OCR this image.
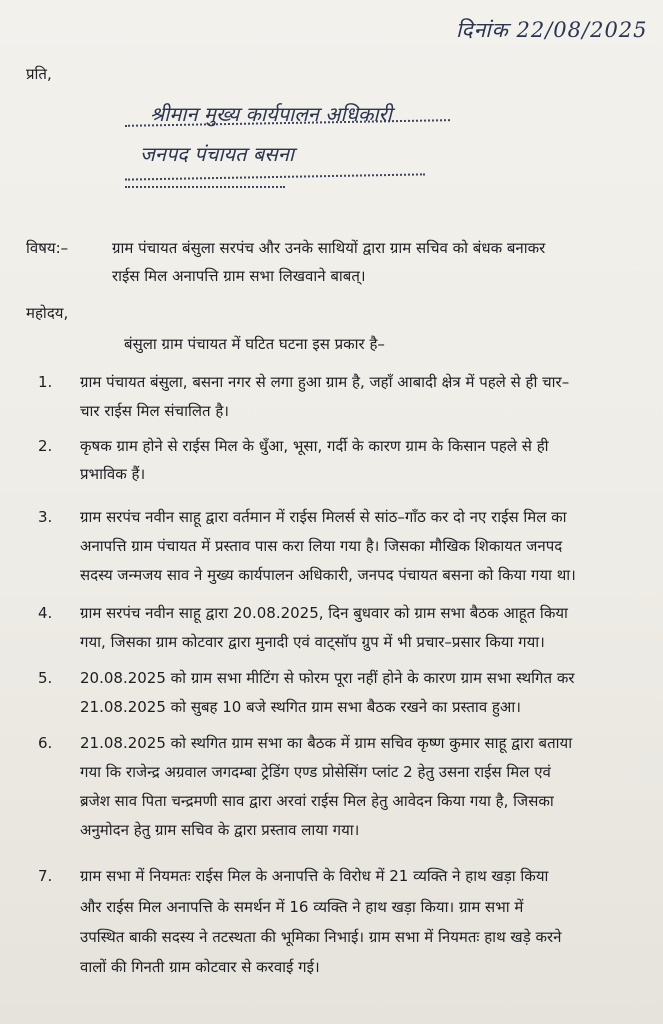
दिनांक 22/08/2025
प्रति,
श्रीमान मुख्य कार्यपालन अधिकारी
जनपद पंचायत बसना
विषय:–	ग्राम पंचायत बंसुला सरपंच और उनके साथियों द्वारा ग्राम सचिव को बंधक बनाकर
राईस मिल अनापत्ति ग्राम सभा लिखवाने बाबत्।
महोदय,
बंसुला ग्राम पंचायत में घटित घटना इस प्रकार है–
1. ग्राम पंचायत बंसुला, बसना नगर से लगा हुआ ग्राम है, जहाँ आबादी क्षेत्र में पहले से ही चार–
चार राईस मिल संचालित है।
2. कृषक ग्राम होने से राईस मिल के धुँआ, भूसा, गर्दी के कारण ग्राम के किसान पहले से ही
प्रभाविक हैं।
3. ग्राम सरपंच नवीन साहू द्वारा वर्तमान में राईस मिलर्स से सांठ–गाँठ कर दो नए राईस मिल का
अनापत्ति ग्राम पंचायत में प्रस्ताव पास करा लिया गया है। जिसका मौखिक शिकायत जनपद
सदस्य जन्मजय साव ने मुख्य कार्यपालन अधिकारी, जनपद पंचायत बसना को किया गया था।
4. ग्राम सरपंच नवीन साहू द्वारा 20.08.2025, दिन बुधवार को ग्राम सभा बैठक आहूत किया
गया, जिसका ग्राम कोटवार द्वारा मुनादी एवं वाट्सॉप ग्रुप में भी प्रचार–प्रसार किया गया।
5. 20.08.2025 को ग्राम सभा मीटिंग से फोरम पूरा नहीं होने के कारण ग्राम सभा स्थगित कर
21.08.2025 को सुबह 10 बजे स्थगित ग्राम सभा बैठक रखने का प्रस्ताव हुआ।
6. 21.08.2025 को स्थगित ग्राम सभा का बैठक में ग्राम सचिव कृष्ण कुमार साहू द्वारा बताया
गया कि राजेन्द्र अग्रवाल जगदम्बा ट्रेडिंग एण्ड प्रोसेसिंग प्लांट 2 हेतु उसना राईस मिल एवं
ब्रजेश साव पिता चन्द्रमणी साव द्वारा अरवां राईस मिल हेतु आवेदन किया गया है, जिसका
अनुमोदन हेतु ग्राम सचिव के द्वारा प्रस्ताव लाया गया।
7. ग्राम सभा में नियमतः राईस मिल के अनापत्ति के विरोध में 21 व्यक्ति ने हाथ खड़ा किया
और राईस मिल अनापत्ति के समर्थन में 16 व्यक्ति ने हाथ खड़ा किया। ग्राम सभा में
उपस्थित बाकी सदस्य ने तटस्थता की भूमिका निभाई। ग्राम सभा में नियमतः हाथ खड़े करने
वालों की गिनती ग्राम कोटवार से करवाई गई।
